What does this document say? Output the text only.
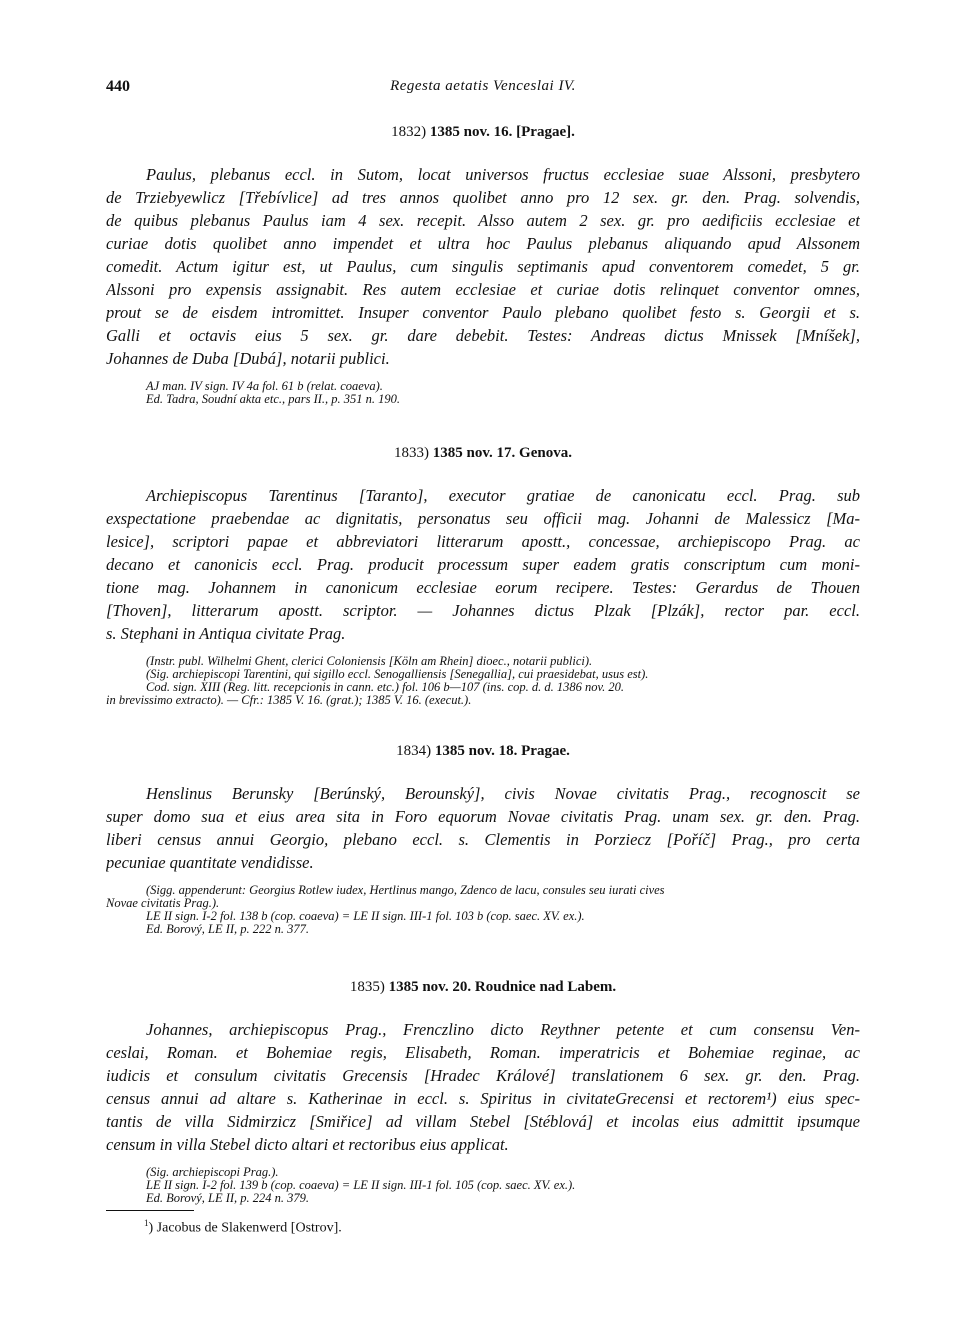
440	Regesta aetatis Venceslai IV.
1832) 1385 nov. 16. [Pragae].
Paulus, plebanus eccl. in Sutom, locat universos fructus ecclesiae suae Alssoni, presbytero
de Trziebyewlicz [Třebívlice] ad tres annos quolibet anno pro 12 sex. gr. den. Prag. solvendis,
de quibus plebanus Paulus iam 4 sex. recepit. Alsso autem 2 sex. gr. pro aedificiis ecclesiae et
curiae dotis quolibet anno impendet et ultra hoc Paulus plebanus aliquando apud Alssonem
comedit. Actum igitur est, ut Paulus, cum singulis septimanis apud conventorem comedet, 5 gr.
Alssoni pro expensis assignabit. Res autem ecclesiae et curiae dotis relinquet conventor omnes,
prout se de eisdem intromittet. Insuper conventor Paulo plebano quolibet festo s. Georgii et s.
Galli et octavis eius 5 sex. gr. dare debebit. Testes: Andreas dictus Mnissek [Mníšek],
Johannes de Duba [Dubá], notarii publici.
AJ man. IV sign. IV 4a fol. 61 b (relat. coaeva).
Ed. Tadra, Soudní akta etc., pars II., p. 351 n. 190.
1833) 1385 nov. 17. Genova.
Archiepiscopus Tarentinus [Taranto], executor gratiae de canonicatu eccl. Prag. sub
exspectatione praebendae ac dignitatis, personatus seu officii mag. Johanni de Malessicz [Ma-
lesice], scriptori papae et abbreviatori litterarum apostt., concessae, archiepiscopo Prag. ac
decano et canonicis eccl. Prag. producit processum super eadem gratis conscriptum cum moni-
tione mag. Johannem in canonicum ecclesiae eorum recipere. Testes: Gerardus de Thouen
[Thoven], litterarum apostt. scriptor. — Johannes dictus Plzak [Plzák], rector par. eccl.
s. Stephani in Antiqua civitate Prag.
(Instr. publ. Wilhelmi Ghent, clerici Coloniensis [Köln am Rhein] dioec., notarii publici).
(Sig. archiepiscopi Tarentini, qui sigillo eccl. Senogalliensis [Senegallia], cui praesidebat, usus est).
Cod. sign. XIII (Reg. litt. recepcionis in cann. etc.) fol. 106 b—107 (ins. cop. d. d. 1386 nov. 20.
in brevissimo extracto). — Cfr.: 1385 V. 16. (grat.); 1385 V. 16. (execut.).
1834) 1385 nov. 18. Pragae.
Henslinus Berunsky [Berúnský, Berounský], civis Novae civitatis Prag., recognoscit se
super domo sua et eius area sita in Foro equorum Novae civitatis Prag. unam sex. gr. den. Prag.
liberi census annui Georgio, plebano eccl. s. Clementis in Porziecz [Poříč] Prag., pro certa
pecuniae quantitate vendidisse.
(Sigg. appenderunt: Georgius Rotlew iudex, Hertlinus mango, Zdenco de lacu, consules seu iurati cives
Novae civitatis Prag.).
LE II sign. I-2 fol. 138 b (cop. coaeva) = LE II sign. III-1 fol. 103 b (cop. saec. XV. ex.).
Ed. Borový, LE II, p. 222 n. 377.
1835) 1385 nov. 20. Roudnice nad Labem.
Johannes, archiepiscopus Prag., Frenczlino dicto Reythner petente et cum consensu Ven-
ceslai, Roman. et Bohemiae regis, Elisabeth, Roman. imperatricis et Bohemiae reginae, ac
iudicis et consulum civitatis Grecensis [Hradec Králové] translationem 6 sex. gr. den. Prag.
census annui ad altare s. Katherinae in eccl. s. Spiritus in civitateGrecensi et rectorem¹) eius spec-
tantis de villa Sidmirzicz [Smiřice] ad villam Stebel [Stéblová] et incolas eius admittit ipsumque
censum in villa Stebel dicto altari et rectoribus eius applicat.
(Sig. archiepiscopi Prag.).
LE II sign. I-2 fol. 139 b (cop. coaeva) = LE II sign. III-1 fol. 105 (cop. saec. XV. ex.).
Ed. Borový, LE II, p. 224 n. 379.
$^1$) Jacobus de Slakenwerd [Ostrov].
